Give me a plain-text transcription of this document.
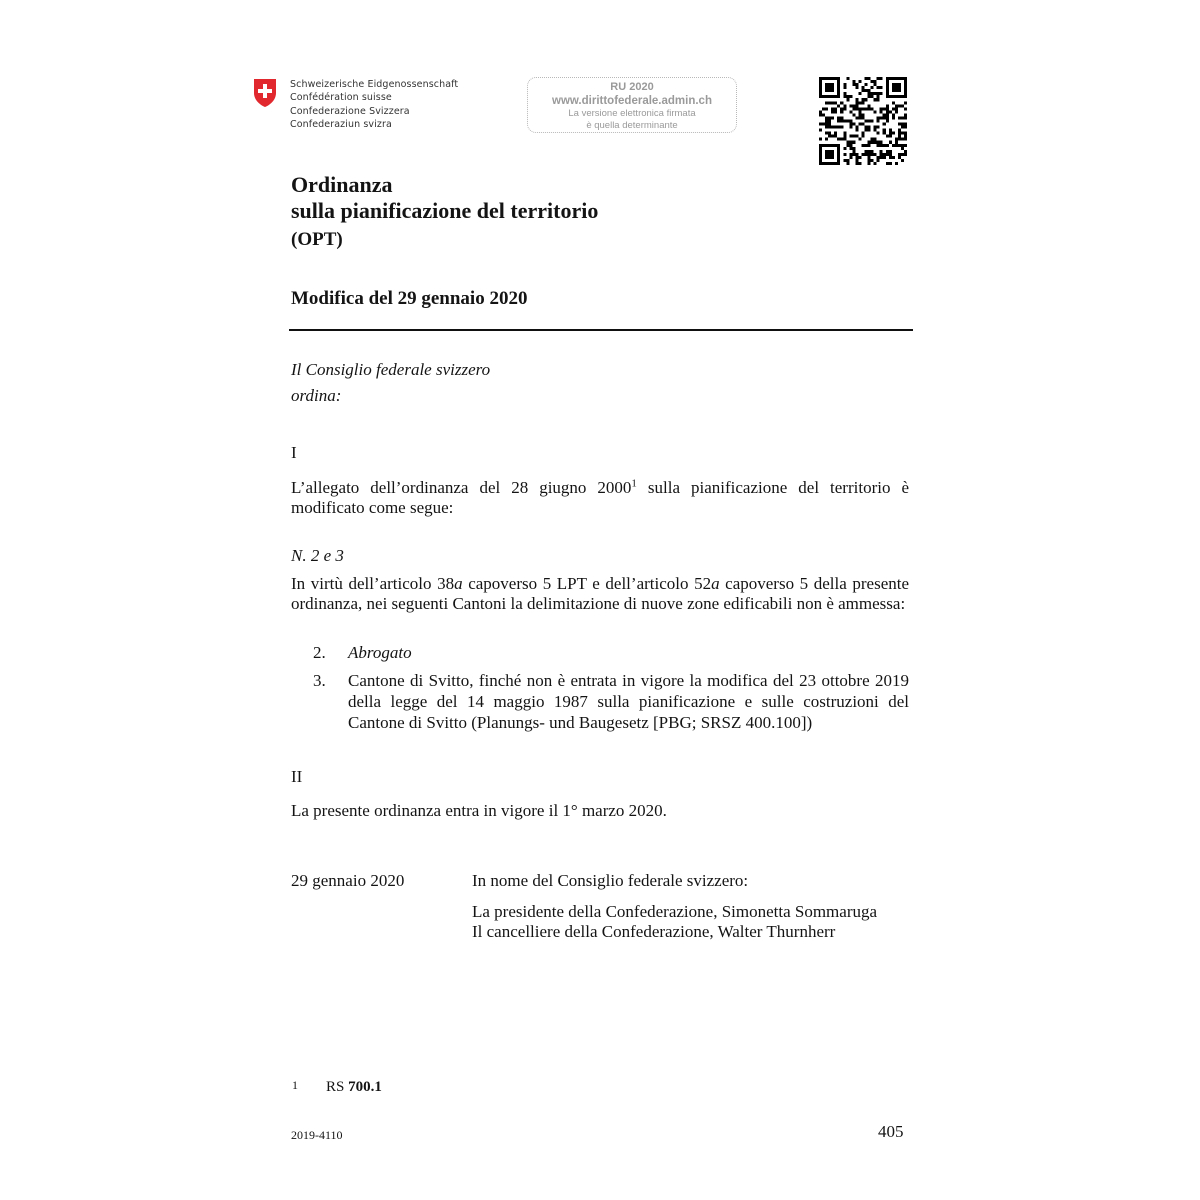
Schweizerische Eidgenossenschaft
Confédération suisse
Confederazione Svizzera
Confederaziun svizra
RU 2020
www.dirittofederale.admin.ch
La versione elettronica firmata
è quella determinante
Ordinanza
sulla pianificazione del territorio
(OPT)
Modifica del 29 gennaio 2020
Il Consiglio federale svizzero
ordina:
I
L’allegato dell’ordinanza del 28 giugno 2000$^1$ sulla pianificazione del territorio è modificato come segue:
N. 2 e 3
In virtù dell’articolo 38a capoverso 5 LPT e dell’articolo 52a capoverso 5 della presente ordinanza, nei seguenti Cantoni la delimitazione di nuove zone edificabili non è ammessa:
2. Abrogato
3. Cantone di Svitto, finché non è entrata in vigore la modifica del 23 ottobre 2019 della legge del 14 maggio 1987 sulla pianificazione e sulle costruzioni del Cantone di Svitto (Planungs- und Baugesetz [PBG; SRSZ 400.100])
II
La presente ordinanza entra in vigore il 1° marzo 2020.
29 gennaio 2020	In nome del Consiglio federale svizzero:
La presidente della Confederazione, Simonetta Sommaruga
Il cancelliere della Confederazione, Walter Thurnherr
1 RS 700.1
2019-4110	405
